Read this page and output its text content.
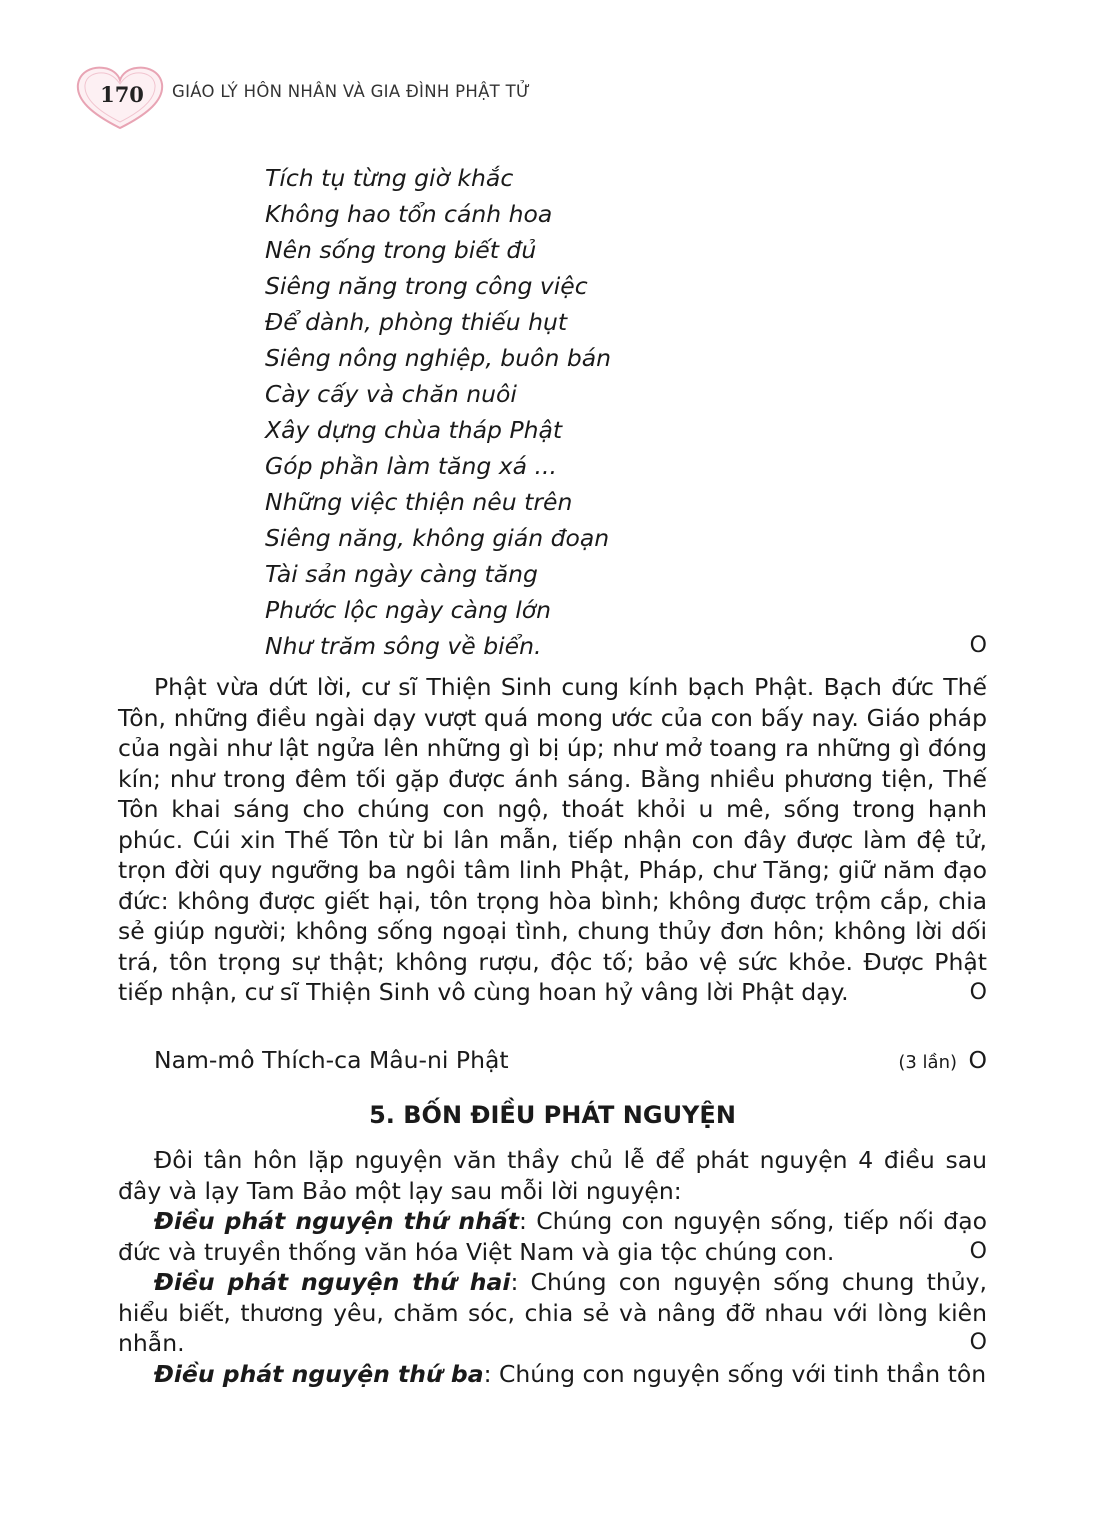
170	GIÁO LÝ HÔN NHÂN VÀ GIA ĐÌNH PHẬT TỬ
Tích tụ từng giờ khắc
Không hao tổn cánh hoa
Nên sống trong biết đủ
Siêng năng trong công việc
Để dành, phòng thiếu hụt
Siêng nông nghiệp, buôn bán
Cày cấy và chăn nuôi
Xây dựng chùa tháp Phật
Góp phần làm tăng xá ...
Những việc thiện nêu trên
Siêng năng, không gián đoạn
Tài sản ngày càng tăng
Phước lộc ngày càng lớn
Như trăm sông về biển.	O

Phật vừa dứt lời, cư sĩ Thiện Sinh cung kính bạch Phật. Bạch đức Thế Tôn, những điều ngài dạy vượt quá mong ước của con bấy nay. Giáo pháp của ngài như lật ngửa lên những gì bị úp; như mở toang ra những gì đóng kín; như trong đêm tối gặp được ánh sáng. Bằng nhiều phương tiện, Thế Tôn khai sáng cho chúng con ngộ, thoát khỏi u mê, sống trong hạnh phúc. Cúi xin Thế Tôn từ bi lân mẫn, tiếp nhận con đây được làm đệ tử, trọn đời quy ngưỡng ba ngôi tâm linh Phật, Pháp, chư Tăng; giữ năm đạo đức: không được giết hại, tôn trọng hòa bình; không được trộm cắp, chia sẻ giúp người; không sống ngoại tình, chung thủy đơn hôn; không lời dối trá, tôn trọng sự thật; không rượu, độc tố; bảo vệ sức khỏe. Được Phật tiếp nhận, cư sĩ Thiện Sinh vô cùng hoan hỷ vâng lời Phật dạy.	O
Nam-mô Thích-ca Mâu-ni Phật	(3 lần) O
5. BỐN ĐIỀU PHÁT NGUYỆN

Đôi tân hôn lặp nguyện văn thầy chủ lễ để phát nguyện 4 điều sau đây và lạy Tam Bảo một lạy sau mỗi lời nguyện:

Điều phát nguyện thứ nhất: Chúng con nguyện sống, tiếp nối đạo đức và truyền thống văn hóa Việt Nam và gia tộc chúng con.	O

Điều phát nguyện thứ hai: Chúng con nguyện sống chung thủy, hiểu biết, thương yêu, chăm sóc, chia sẻ và nâng đỡ nhau với lòng kiên nhẫn.	O

Điều phát nguyện thứ ba: Chúng con nguyện sống với tinh thần tôn
